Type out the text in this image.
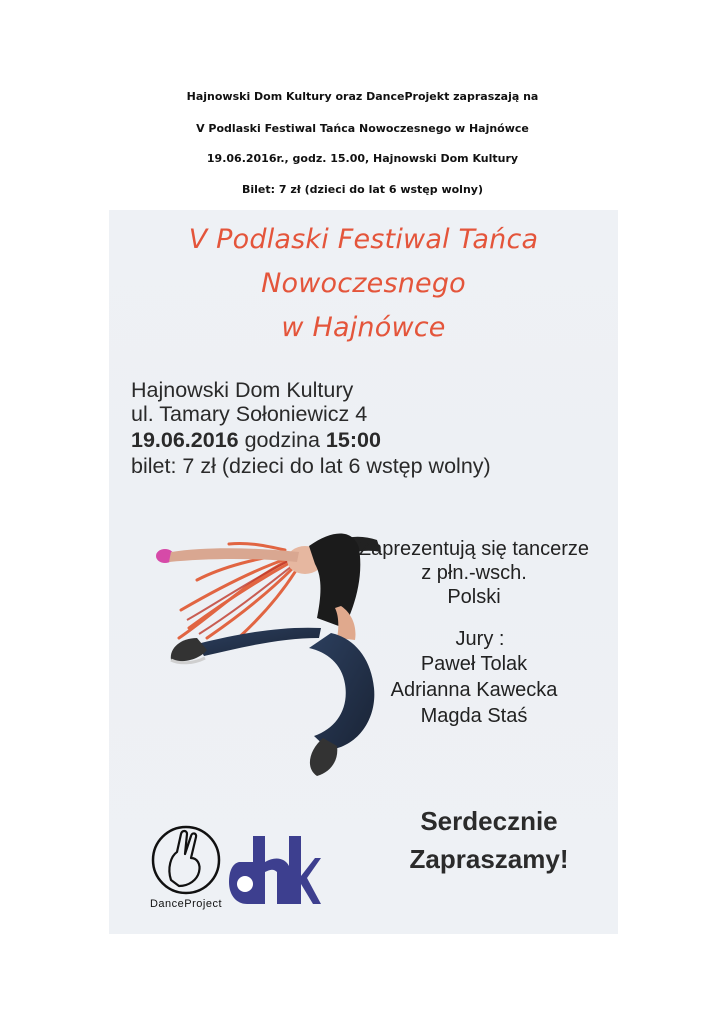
Hajnowski Dom Kultury oraz DanceProjekt zapraszają na
V Podlaski Festiwal Tańca Nowoczesnego w Hajnówce
19.06.2016r., godz. 15.00, Hajnowski Dom Kultury
Bilet: 7 zł (dzieci do lat 6 wstęp wolny)
V Podlaski Festiwal Tańca
Nowoczesnego
w Hajnówce
Hajnowski Dom Kultury
ul. Tamary Sołoniewicz 4
19.06.2016 godzina 15:00
bilet: 7 zł (dzieci do lat 6 wstęp wolny)
Zaprezentują się tancerze
z płn.-wsch.
Polski
Jury :
Paweł Tolak
Adrianna Kawecka
Magda Staś
Serdecznie
Zapraszamy!
DanceProject
